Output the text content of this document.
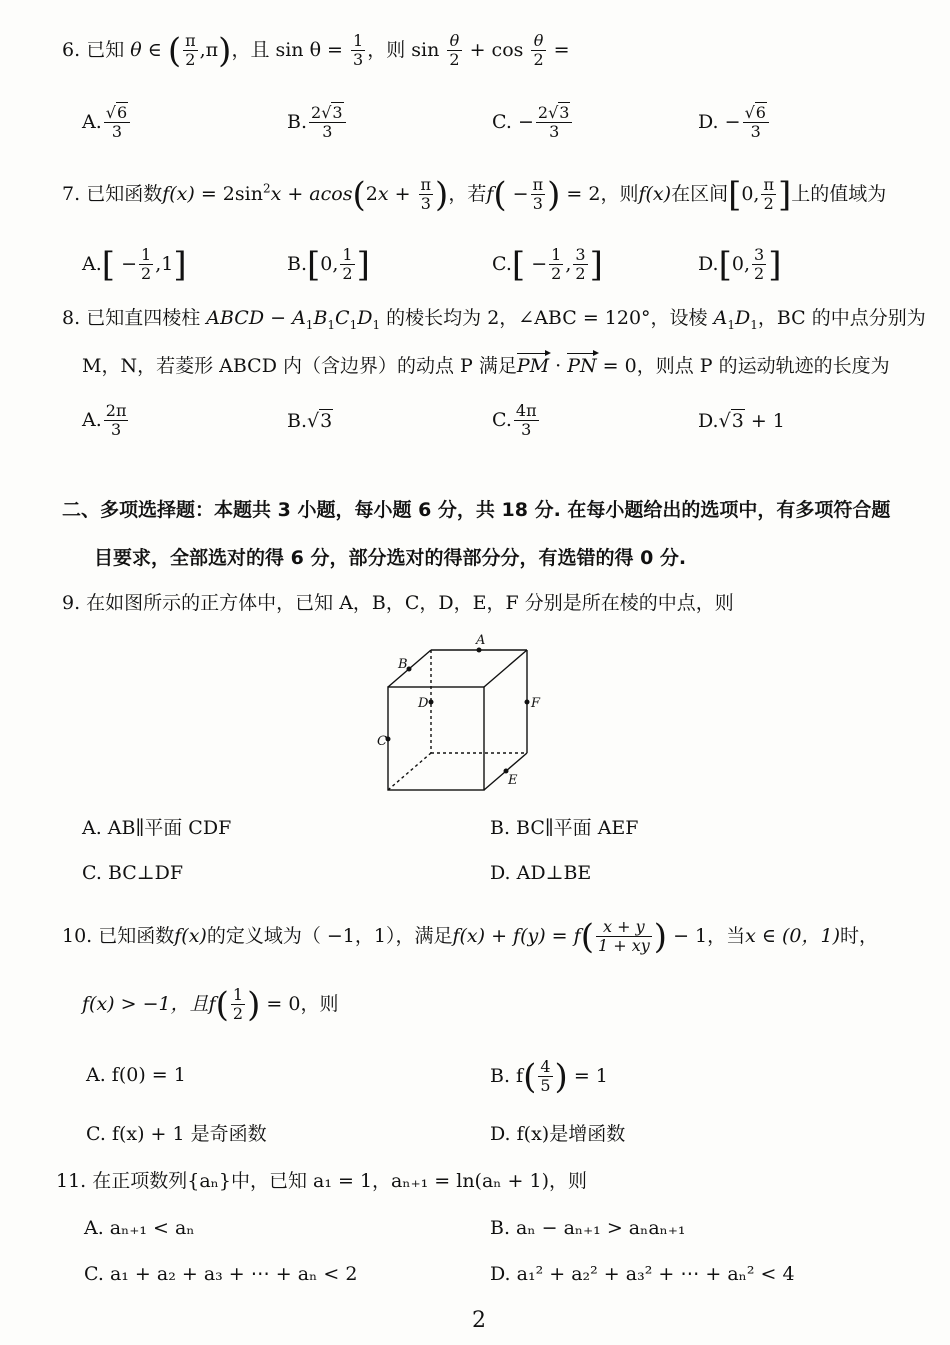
6. 已知 θ ∈ ( $\frac{\pi}{2} ,\pi$)，且 $\sin \theta = \frac{1}{3}$ ，则 $\sin \frac{\theta}{2} + \cos \frac{\theta}{2}$ =
A. $\frac{√6}{3}$	B. $\frac{2√3}{3}$	C. − $\frac{2√3}{3}$	D. − $\frac{√6}{3}$
7. 已知函数$f(x) = 2\sin^2x + acos(2x + \frac{\pi}{3}$ )，若$f( - \frac{\pi}{3}$ ) = 2，则f(x)在区间[0, $\frac{\pi}{2}$ ]上的值域为
$A.[ - \frac{1}{2} ,1]$	B.[0, $\frac{1}{2}$ ]	$C.[ - \frac{1}{2}$ , $\frac{3}{2}$ ]	D.[0, $\frac{3}{2}$ ]
8. 已知直四棱柱 ABCD − $A_1B_1C_1D_1$ 的棱长均为 2，∠ABC = 120°，设棱 $A_1D_1$，BC 的中点分别为
M，N，若菱形 ABCD 内（含边界）的动点 P 满足PM · PN = 0，则点 P 的运动轨迹的长度为
A. $\frac{2\pi}{3}$	B.√3	C. $\frac{4\pi}{3}$	D.√3 + 1
二、多项选择题：本题共 3 小题，每小题 6 分，共 18 分. 在每小题给出的选项中，有多项符合题
目要求，全部选对的得 6 分，部分选对的得部分分，有选错的得 0 分.
9. 在如图所示的正方体中，已知 A，B，C，D，E，F 分别是所在棱的中点，则
A
B
C
D
E
F
A. AB∥平面 CDF	B. BC∥平面 AEF
C. BC⊥DF	D. AD⊥BE
10. 已知函数f(x)的定义域为（ −1，1），满足$f(x) + f(y) = f( \frac{x + y}{1 + xy}$ ) − 1，当x ∈ (0，1)时，
f(x) > −1，且$f( \frac{1}{2}$ ) = 0，则
A. f(0) = 1	B. $f( \frac{4}{5}$ ) = 1
C. f(x) + 1 是奇函数	D. f(x)是增函数
11. 在正项数列{aₙ}中，已知 a₁ = 1，aₙ₊₁ = ln(aₙ + 1)，则
A. aₙ₊₁ < aₙ	B. aₙ − aₙ₊₁ > aₙaₙ₊₁
C. a₁ + a₂ + a₃ + ⋯ + aₙ < 2	D. a₁² + a₂² + a₃² + ⋯ + aₙ² < 4
2
